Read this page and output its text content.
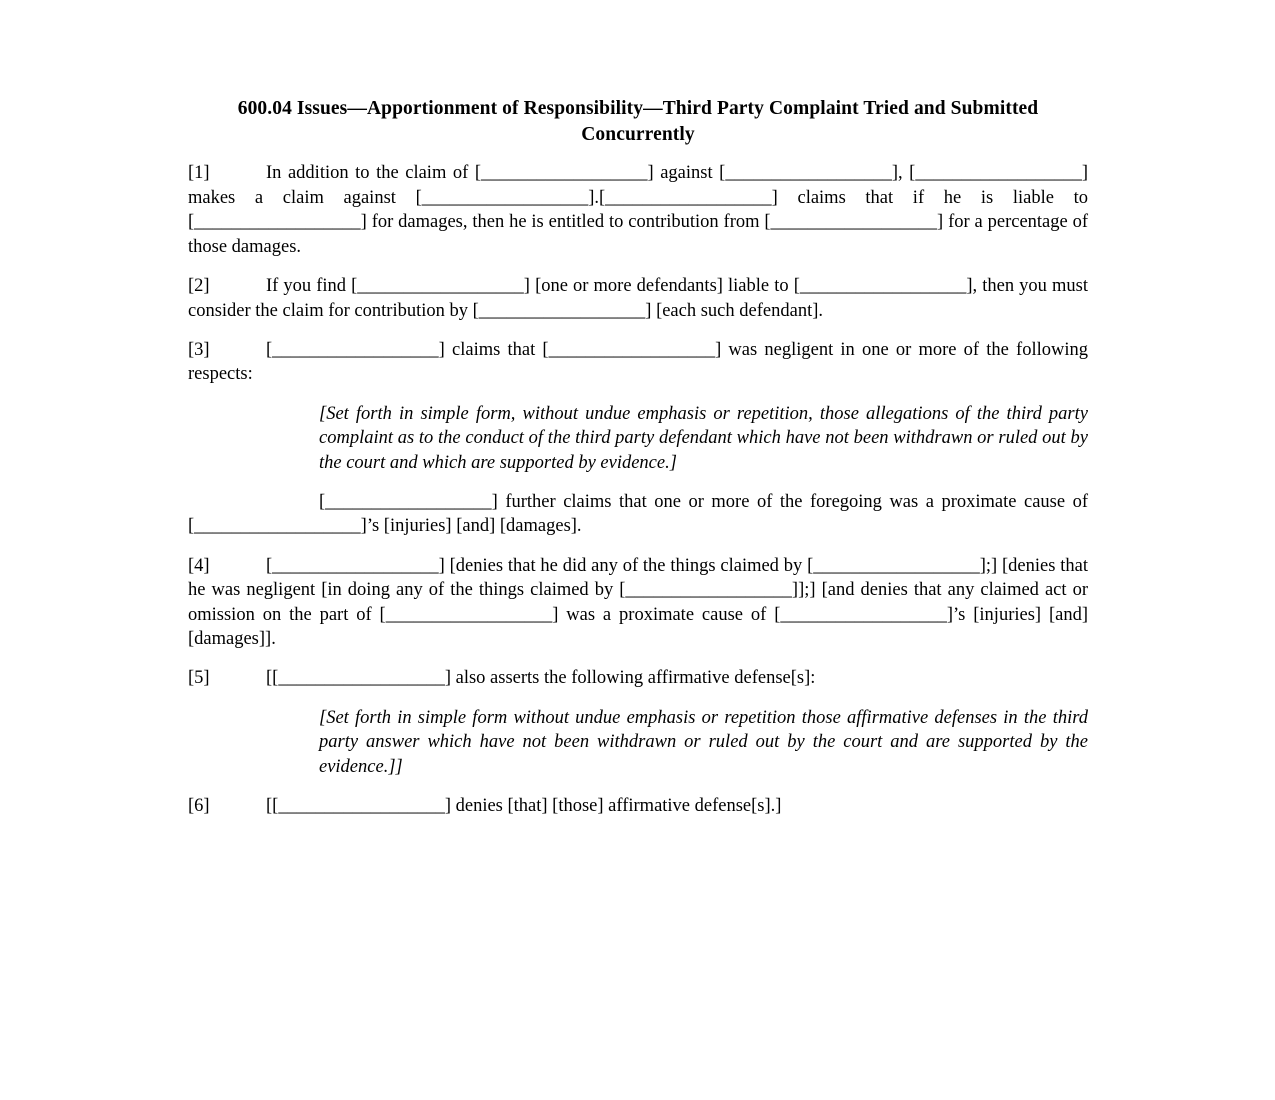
600.04 Issues—Apportionment of Responsibility—Third Party Complaint Tried and Submitted Concurrently
[1]	In addition to the claim of [__________________] against [__________________], [__________________] makes a claim against [__________________].[__________________] claims that if he is liable to [__________________] for damages, then he is entitled to contribution from [__________________] for a percentage of those damages.
[2]	If you find [__________________] [one or more defendants] liable to [__________________], then you must consider the claim for contribution by [__________________] [each such defendant].
[3]	[__________________] claims that [__________________] was negligent in one or more of the following respects:
[Set forth in simple form, without undue emphasis or repetition, those allegations of the third party complaint as to the conduct of the third party defendant which have not been withdrawn or ruled out by the court and which are supported by evidence.]
[__________________] further claims that one or more of the foregoing was a proximate cause of [__________________]’s [injuries] [and] [damages].
[4]	[__________________] [denies that he did any of the things claimed by [__________________];] [denies that he was negligent [in doing any of the things claimed by [__________________]];] [and denies that any claimed act or omission on the part of [__________________] was a proximate cause of [__________________]’s [injuries] [and] [damages]].
[5]	[[__________________] also asserts the following affirmative defense[s]:
[Set forth in simple form without undue emphasis or repetition those affirmative defenses in the third party answer which have not been withdrawn or ruled out by the court and are supported by the evidence.]]
[6]	[[__________________] denies [that] [those] affirmative defense[s].]
